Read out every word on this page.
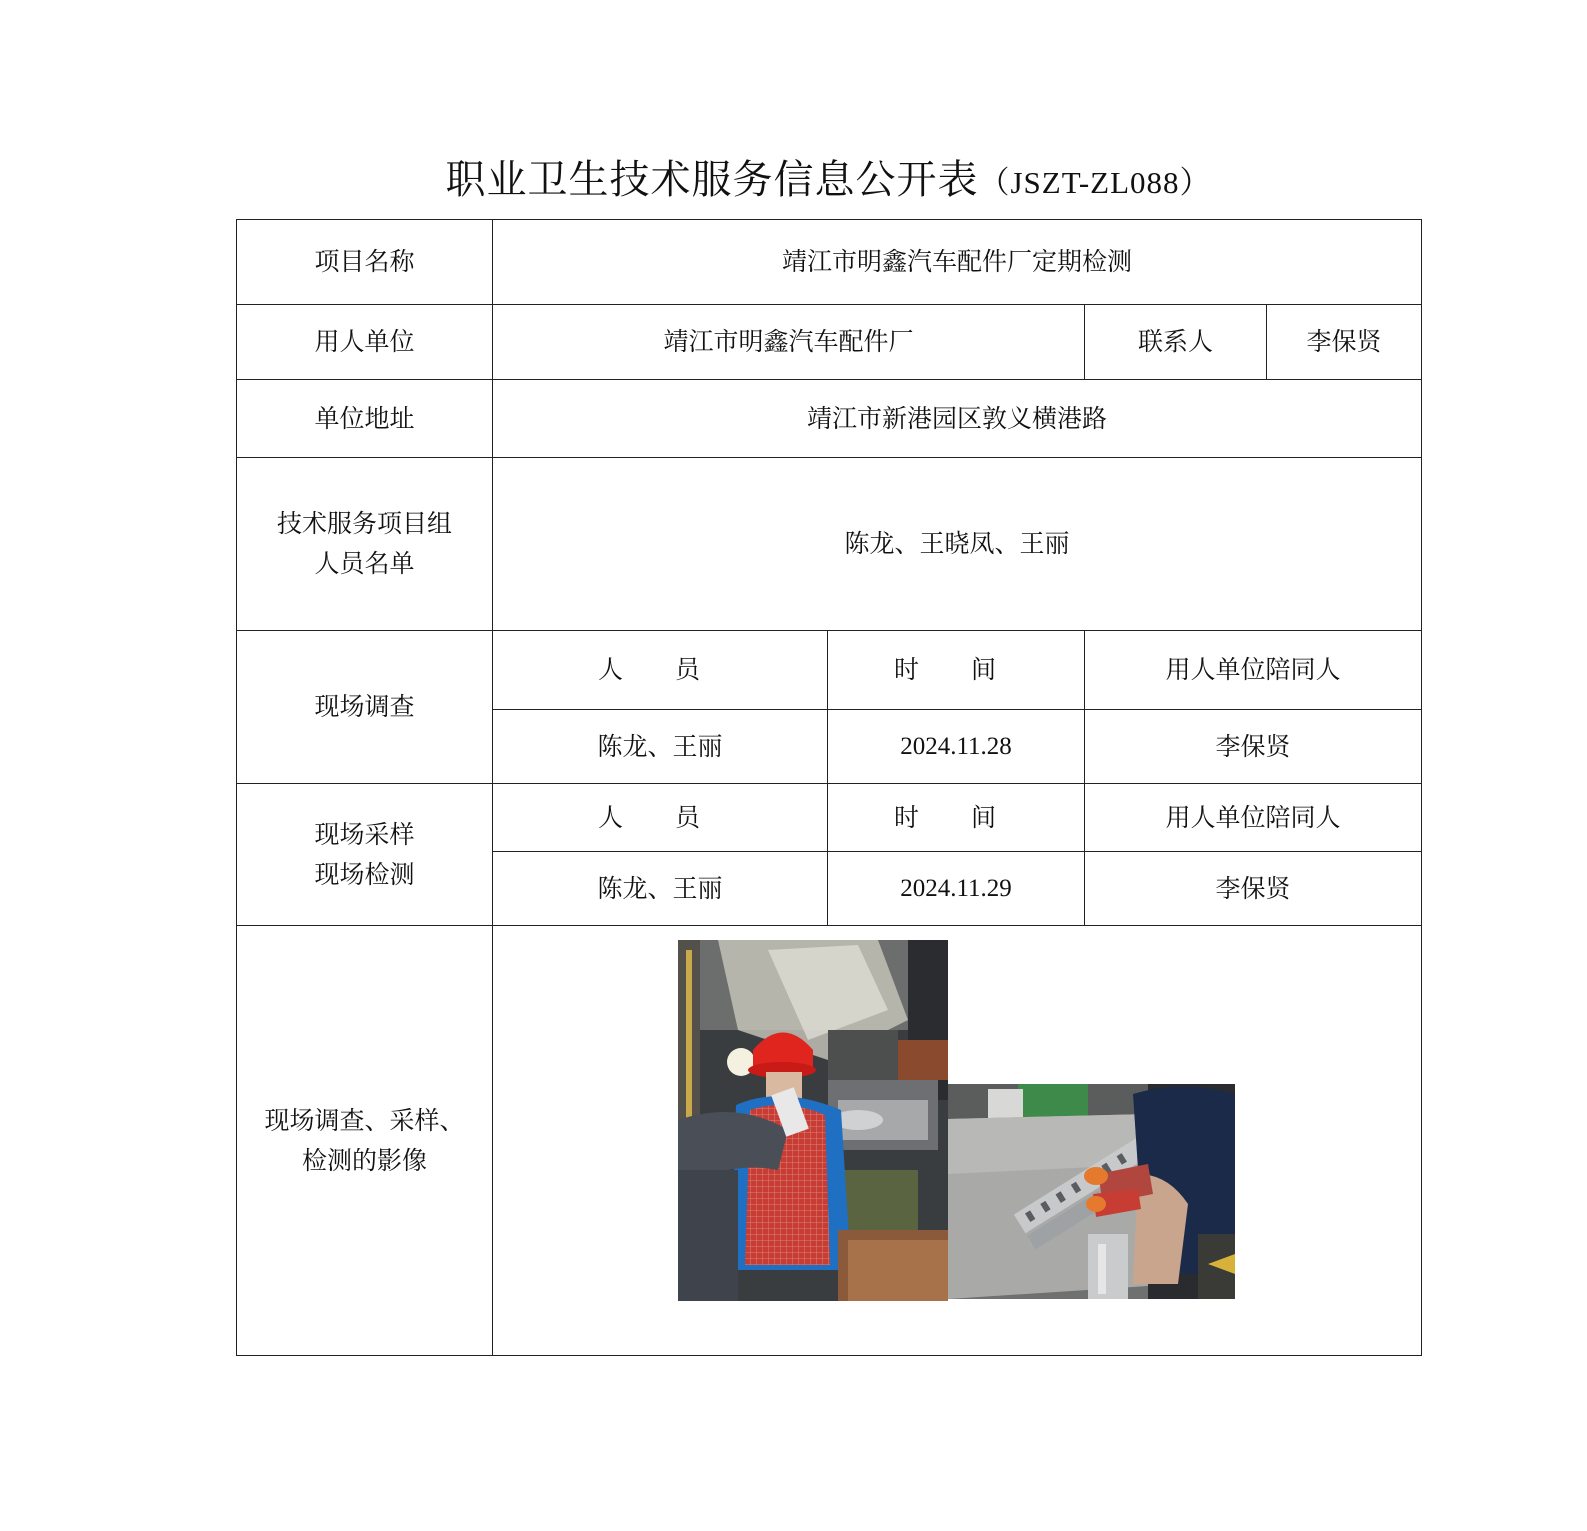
职业卫生技术服务信息公开表（JSZT-ZL088）
项目名称	靖江市明鑫汽车配件厂定期检测			
用人单位	靖江市明鑫汽车配件厂		联系人	李保贤
单位地址	靖江市新港园区敦义横港路			

技术服务项目组
人员名单	陈龙、王晓凤、王丽			
现场调查	人 员	时 间	用人单位陪同人	
	陈龙、王丽	2024.11.28	李保贤	

现场采样
现场检测	人 员	时 间	用人单位陪同人	
	陈龙、王丽	2024.11.29	李保贤	

现场调查、采样、
检测的影像
